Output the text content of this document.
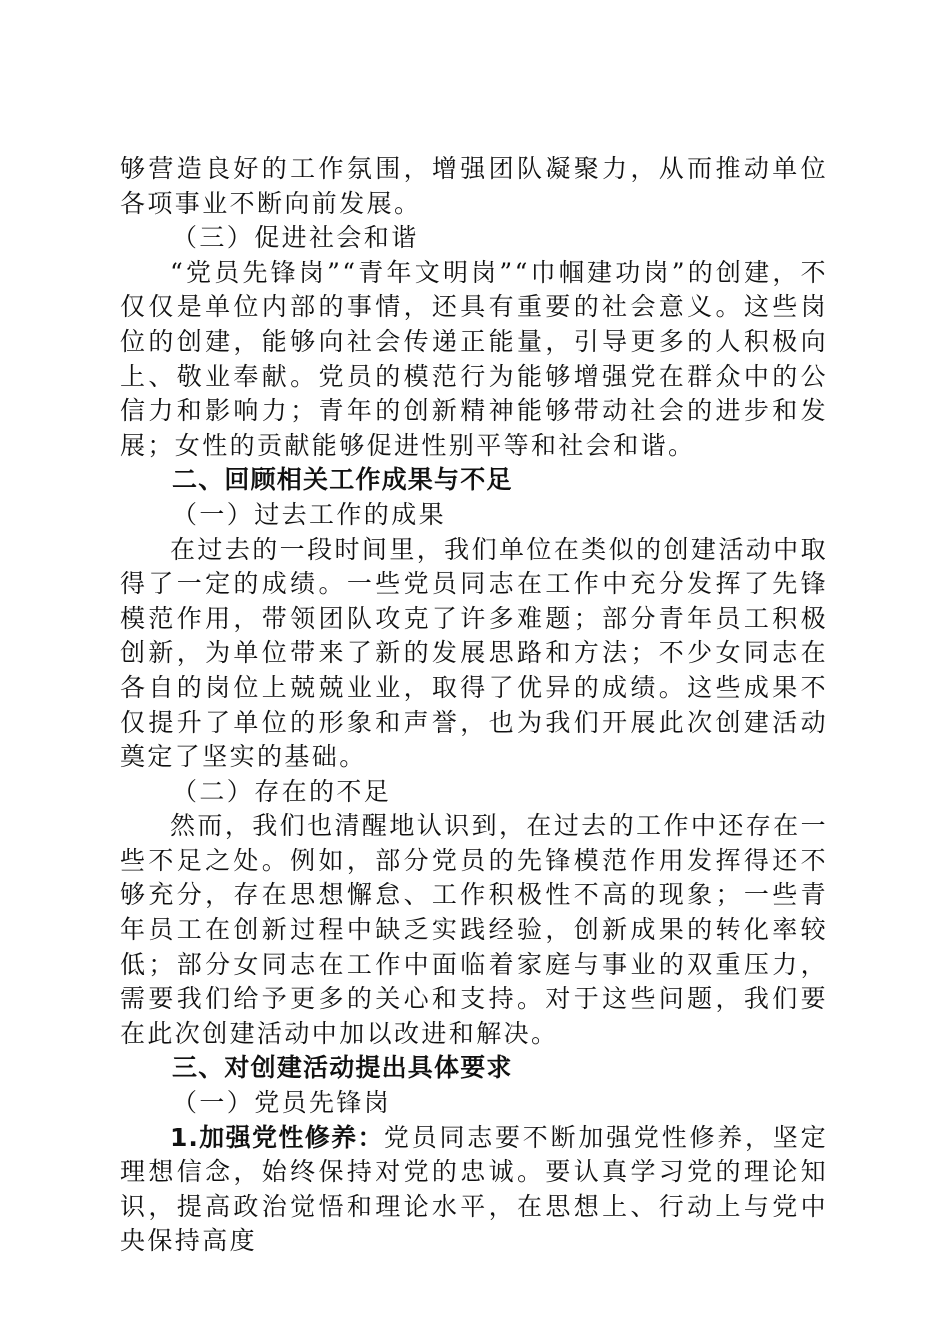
够营造良好的工作氛围，增强团队凝聚力，从而推动单位各项事业不断向前发展。

（三）促进社会和谐

“党员先锋岗”“青年文明岗”“巾帼建功岗”的创建，不仅仅是单位内部的事情，还具有重要的社会意义。这些岗位的创建，能够向社会传递正能量，引导更多的人积极向上、敬业奉献。党员的模范行为能够增强党在群众中的公信力和影响力；青年的创新精神能够带动社会的进步和发展；女性的贡献能够促进性别平等和社会和谐。

二、回顾相关工作成果与不足

（一）过去工作的成果

在过去的一段时间里，我们单位在类似的创建活动中取得了一定的成绩。一些党员同志在工作中充分发挥了先锋模范作用，带领团队攻克了许多难题；部分青年员工积极创新，为单位带来了新的发展思路和方法；不少女同志在各自的岗位上兢兢业业，取得了优异的成绩。这些成果不仅提升了单位的形象和声誉，也为我们开展此次创建活动奠定了坚实的基础。

（二）存在的不足

然而，我们也清醒地认识到，在过去的工作中还存在一些不足之处。例如，部分党员的先锋模范作用发挥得还不够充分，存在思想懈怠、工作积极性不高的现象；一些青年员工在创新过程中缺乏实践经验，创新成果的转化率较低；部分女同志在工作中面临着家庭与事业的双重压力，需要我们给予更多的关心和支持。对于这些问题，我们要在此次创建活动中加以改进和解决。

三、对创建活动提出具体要求

（一）党员先锋岗

1.加强党性修养：党员同志要不断加强党性修养，坚定理想信念，始终保持对党的忠诚。要认真学习党的理论知识，提高政治觉悟和理论水平，在思想上、行动上与党中央保持高度
